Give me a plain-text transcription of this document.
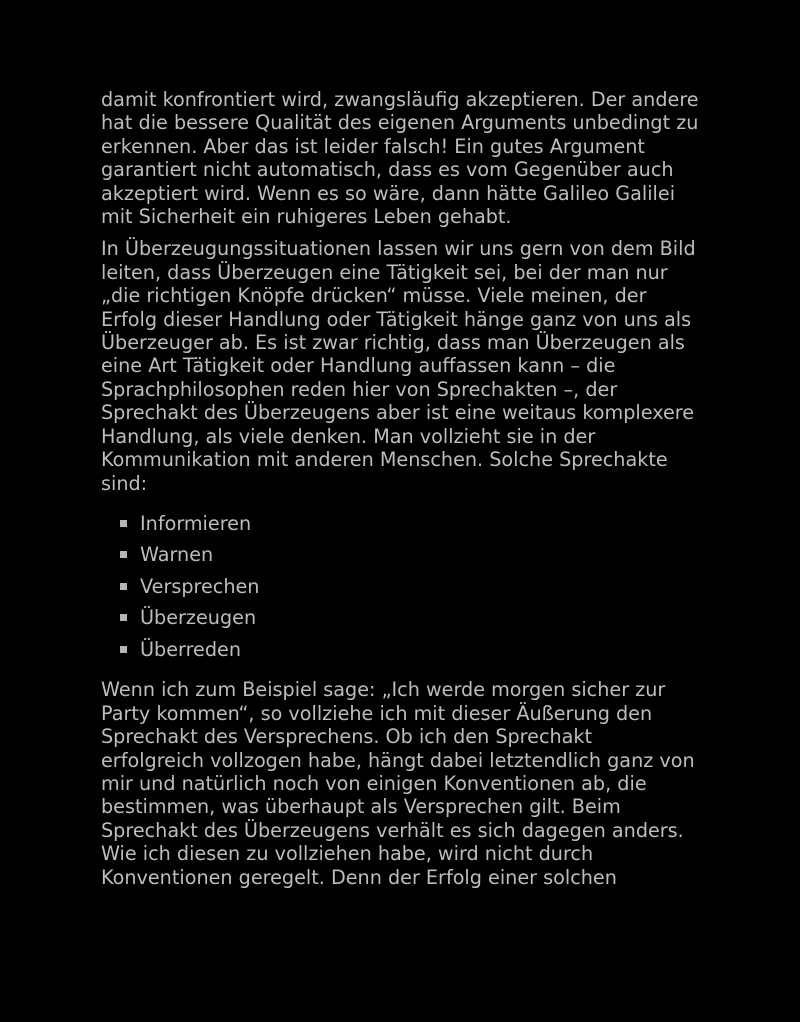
damit konfrontiert wird, zwangsläufig akzeptieren. Der andere hat die bessere Qualität des eigenen Arguments unbedingt zu erkennen. Aber das ist leider falsch! Ein gutes Argument garantiert nicht automatisch, dass es vom Gegenüber auch akzeptiert wird. Wenn es so wäre, dann hätte Galileo Galilei mit Sicherheit ein ruhigeres Leben gehabt.

In Überzeugungssituationen lassen wir uns gern von dem Bild leiten, dass Überzeugen eine Tätigkeit sei, bei der man nur „die richtigen Knöpfe drücken“ müsse. Viele meinen, der Erfolg dieser Handlung oder Tätigkeit hänge ganz von uns als Überzeuger ab. Es ist zwar richtig, dass man Überzeugen als eine Art Tätigkeit oder Handlung auffassen kann – die Sprachphilosophen reden hier von Sprechakten –, der Sprechakt des Überzeugens aber ist eine weitaus komplexere Handlung, als viele denken. Man vollzieht sie in der Kommunikation mit anderen Menschen. Solche Sprechakte sind:

Informieren
Warnen
Versprechen
Überzeugen
Überreden

Wenn ich zum Beispiel sage: „Ich werde morgen sicher zur Party kommen“, so vollziehe ich mit dieser Äußerung den Sprechakt des Versprechens. Ob ich den Sprechakt erfolgreich vollzogen habe, hängt dabei letztendlich ganz von mir und natürlich noch von einigen Konventionen ab, die bestimmen, was überhaupt als Versprechen gilt. Beim Sprechakt des Überzeugens verhält es sich dagegen anders. Wie ich diesen zu vollziehen habe, wird nicht durch Konventionen geregelt. Denn der Erfolg einer solchen
